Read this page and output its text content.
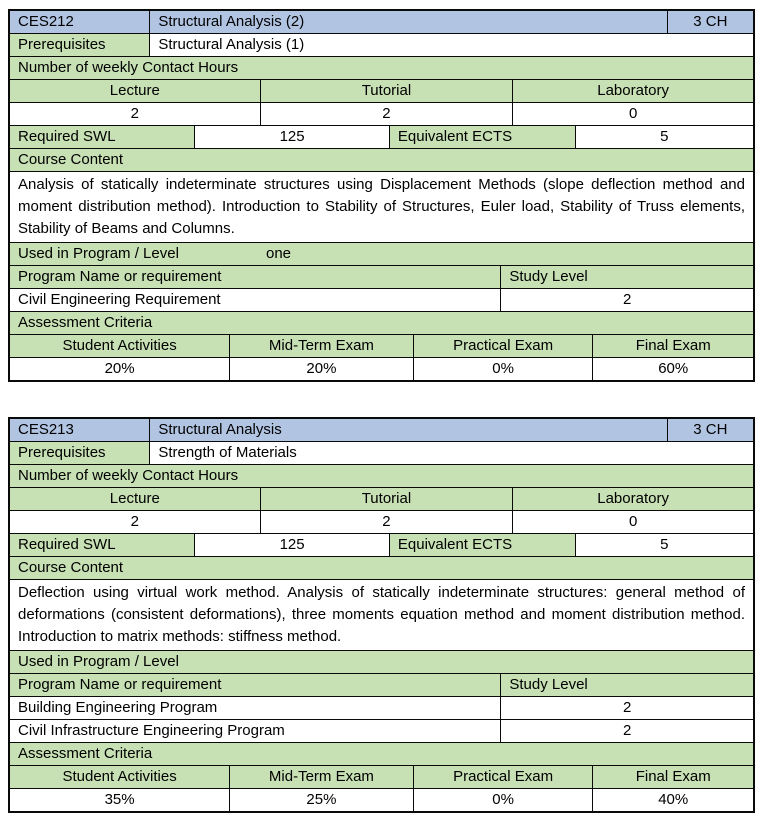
CES212	Structural Analysis (2)	3 CH
Prerequisites	Structural Analysis (1)
Number of weekly Contact Hours
Lecture	Tutorial	Laboratory
2	2	0
Required SWL	125	Equivalent ECTS	5
Course Content
Analysis of statically indeterminate structures using Displacement Methods (slope deflection method and moment distribution method). Introduction to Stability of Structures, Euler load, Stability of Truss elements, Stability of Beams and Columns.
Used in Program / Level	one
Program Name or requirement	Study Level
Civil Engineering Requirement	2
Assessment Criteria
Student Activities	Mid-Term Exam	Practical Exam	Final Exam
20%	20%	0%	60%
CES213	Structural Analysis	3 CH
Prerequisites	Strength of Materials
Number of weekly Contact Hours
Lecture	Tutorial	Laboratory
2	2	0
Required SWL	125	Equivalent ECTS	5
Course Content
Deflection using virtual work method. Analysis of statically indeterminate structures: general method of deformations (consistent deformations), three moments equation method and moment distribution method. Introduction to matrix methods: stiffness method.
Used in Program / Level
Program Name or requirement	Study Level
Building Engineering Program	2
Civil Infrastructure Engineering Program	2
Assessment Criteria
Student Activities	Mid-Term Exam	Practical Exam	Final Exam
35%	25%	0%	40%
